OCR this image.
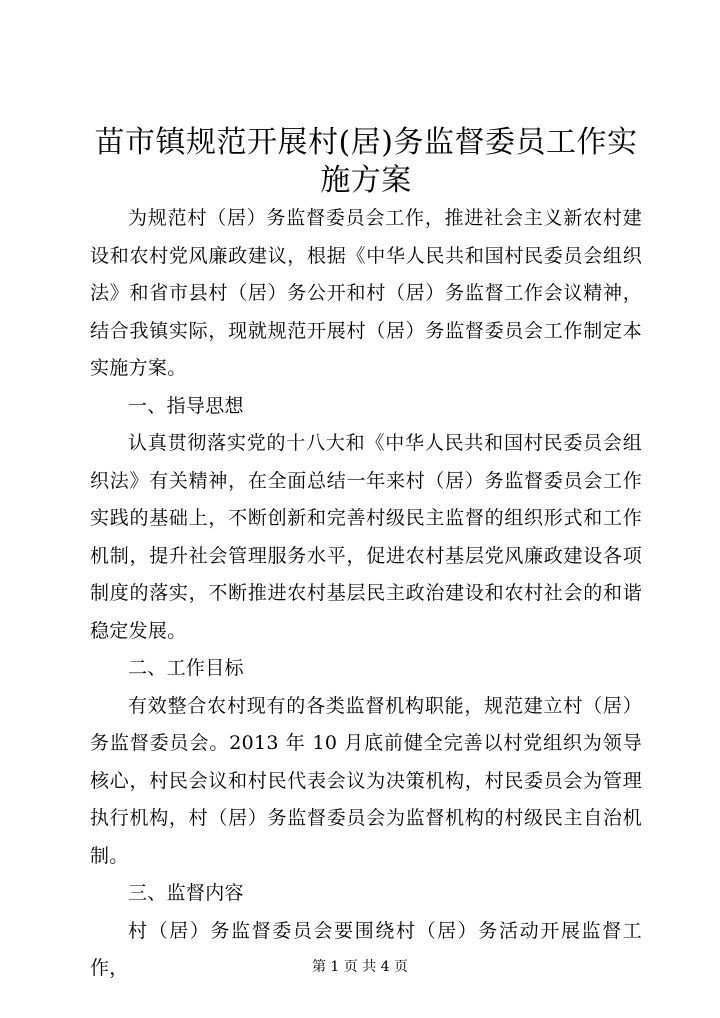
苗市镇规范开展村(居)务监督委员工作实施方案

为规范村（居）务监督委员会工作，推进社会主义新农村建设和农村党风廉政建议，根据《中华人民共和国村民委员会组织法》和省市县村（居）务公开和村（居）务监督工作会议精神，结合我镇实际，现就规范开展村（居）务监督委员会工作制定本实施方案。

一、指导思想

认真贯彻落实党的十八大和《中华人民共和国村民委员会组织法》有关精神，在全面总结一年来村（居）务监督委员会工作实践的基础上，不断创新和完善村级民主监督的组织形式和工作机制，提升社会管理服务水平，促进农村基层党风廉政建设各项制度的落实，不断推进农村基层民主政治建设和农村社会的和谐稳定发展。

二、工作目标

有效整合农村现有的各类监督机构职能，规范建立村（居）务监督委员会。2013 年 10 月底前健全完善以村党组织为领导核心，村民会议和村民代表会议为决策机构，村民委员会为管理执行机构，村（居）务监督委员会为监督机构的村级民主自治机制。

三、监督内容

村（居）务监督委员会要围绕村（居）务活动开展监督工作，	第 1 页 共 4 页
